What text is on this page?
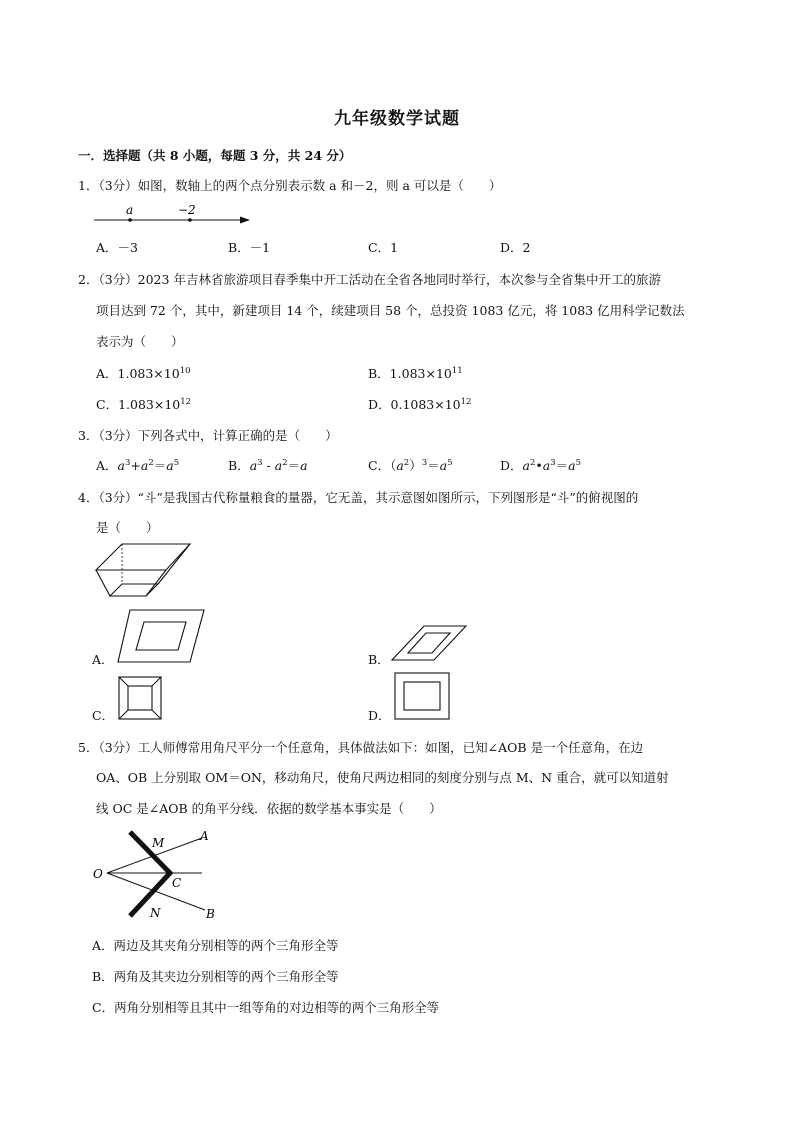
九年级数学试题
一．选择题（共 8 小题，每题 3 分，共 24 分）
1．（3分）如图，数轴上的两个点分别表示数 a 和－2，则 a 可以是（　　）
a	−2
A．－3	B．－1	C．1	D．2
2．（3分）2023 年吉林省旅游项目春季集中开工活动在全省各地同时举行，本次参与全省集中开工的旅游
项目达到 72 个，其中，新建项目 14 个，续建项目 58 个，总投资 1083 亿元，将 1083 亿用科学记数法
表示为（　　）
A．$1.083\times 10^{10}$	B．$1.083\times 10^{11}$
C．$1.083\times 10^{12}$	D．$0.1083\times 10^{12}$
3．（3分）下列各式中，计算正确的是（　　）
A．$a^3+a^2=a^5$	B．$a^3 - a^2=a$	C．$(a^2)^3=a^5$	D．$a^2•a^3=a^5$
4．（3分）“斗”是我国古代称量粮食的量器，它无盖，其示意图如图所示，下列图形是“斗”的俯视图的
是（　　）
A．	B．
C．	D．
5．（3分）工人师傅常用角尺平分一个任意角，具体做法如下：如图，已知∠AOB 是一个任意角，在边
OA、OB 上分别取 OM＝ON，移动角尺，使角尺两边相同的刻度分别与点 M、N 重合，就可以知道射
线 OC 是∠AOB 的角平分线．依据的数学基本事实是（　　）
O
M	A
C
N	B
A．两边及其夹角分别相等的两个三角形全等
B．两角及其夹边分别相等的两个三角形全等
C．两角分别相等且其中一组等角的对边相等的两个三角形全等
